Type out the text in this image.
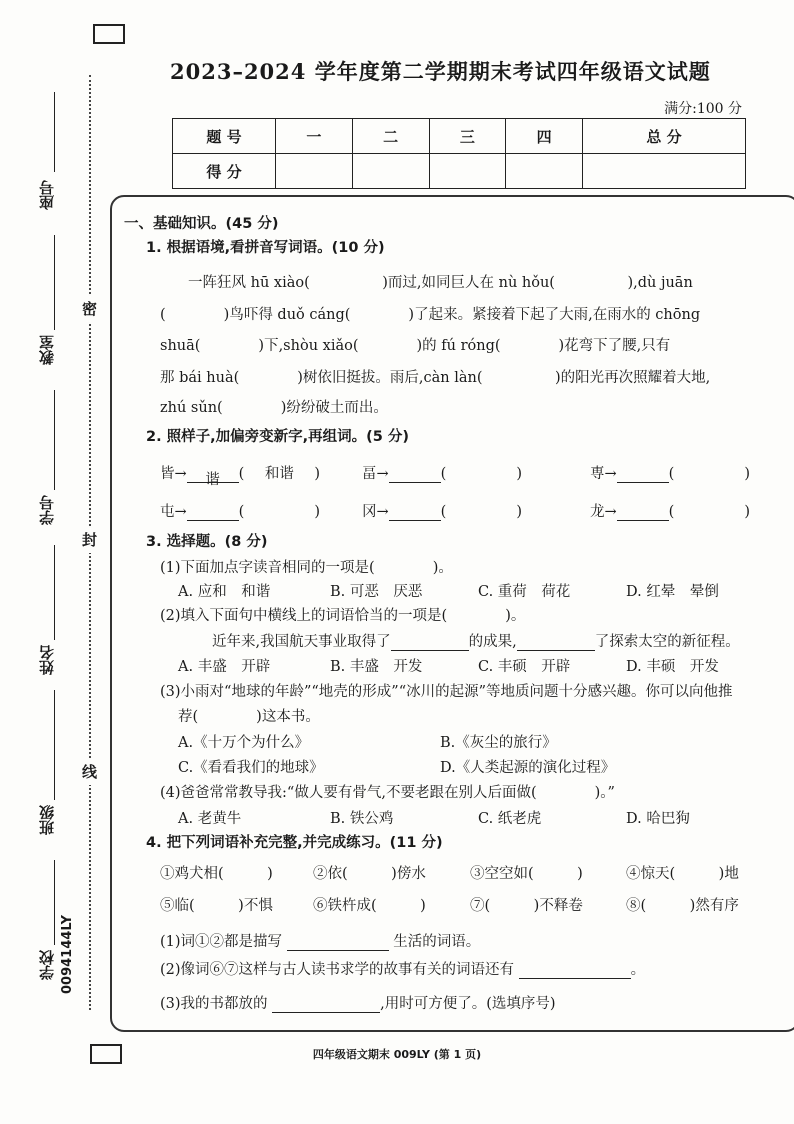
座号
教室
学号
姓名
班级
学校 0094144LY
密
封
线
2023–2024 学年度第二学期期末考试四年级语文试题
满分:100 分
题 号	一	二	三	四	总 分
得 分					
一、基础知识。(45 分)
1. 根据语境,看拼音写词语。(10 分)
一阵狂风 hū xiào(　　　　　)而过,如同巨人在 nù hǒu(　　　　　),dù juān
(　　　　)鸟吓得 duǒ cáng(　　　　)了起来。紧接着下起了大雨,在雨水的 chōng
shuā(　　　　)下,shòu xiǎo(　　　　)的 fú róng(　　　　)花弯下了腰,只有
那 bái huà(　　　　)树依旧挺拔。雨后,càn làn(　　　　　)的阳光再次照耀着大地,
zhú sǔn(　　　　)纷纷破土而出。
2. 照样子,加偏旁变新字,再组词。(5 分)
皆→ 谐 ( 和谐 )	畐→	(	)	専→	(	)
屯→	(	)	冈→	(	)	龙→	(	)
3. 选择题。(8 分)
(1)下面加点字读音相同的一项是(　　　　)。
A. 应和　和谐	B. 可恶　厌恶	C. 重荷　荷花	D. 红晕　晕倒
(2)填入下面句中横线上的词语恰当的一项是(　　　　)。
近年来,我国航天事业取得了	的成果,	了探索太空的新征程。
A. 丰盛　开辟	B. 丰盛　开发	C. 丰硕　开辟	D. 丰硕　开发
(3)小雨对“地球的年龄”“地壳的形成”“冰川的起源”等地质问题十分感兴趣。你可以向他推
荐(　　　　)这本书。
A.《十万个为什么》	B.《灰尘的旅行》
C.《看看我们的地球》	D.《人类起源的演化过程》
(4)爸爸常常教导我:“做人要有骨气,不要老跟在别人后面做(　　　　)。”
A. 老黄牛	B. 铁公鸡	C. 纸老虎	D. 哈巴狗
4. 把下列词语补充完整,并完成练习。(11 分)
①鸡犬相(　　　)	②依(　　　)傍水	③空空如(　　　)	④惊天(　　　)地
⑤临(　　　)不惧	⑥铁杵成(　　　)	⑦(　　　)不释卷	⑧(　　　)然有序
(1)词①②都是描写	生活的词语。
(2)像词⑥⑦这样与古人读书求学的故事有关的词语还有	。
(3)我的书都放的	,用时可方便了。(选填序号)
四年级语文期末 009LY (第 1 页)
